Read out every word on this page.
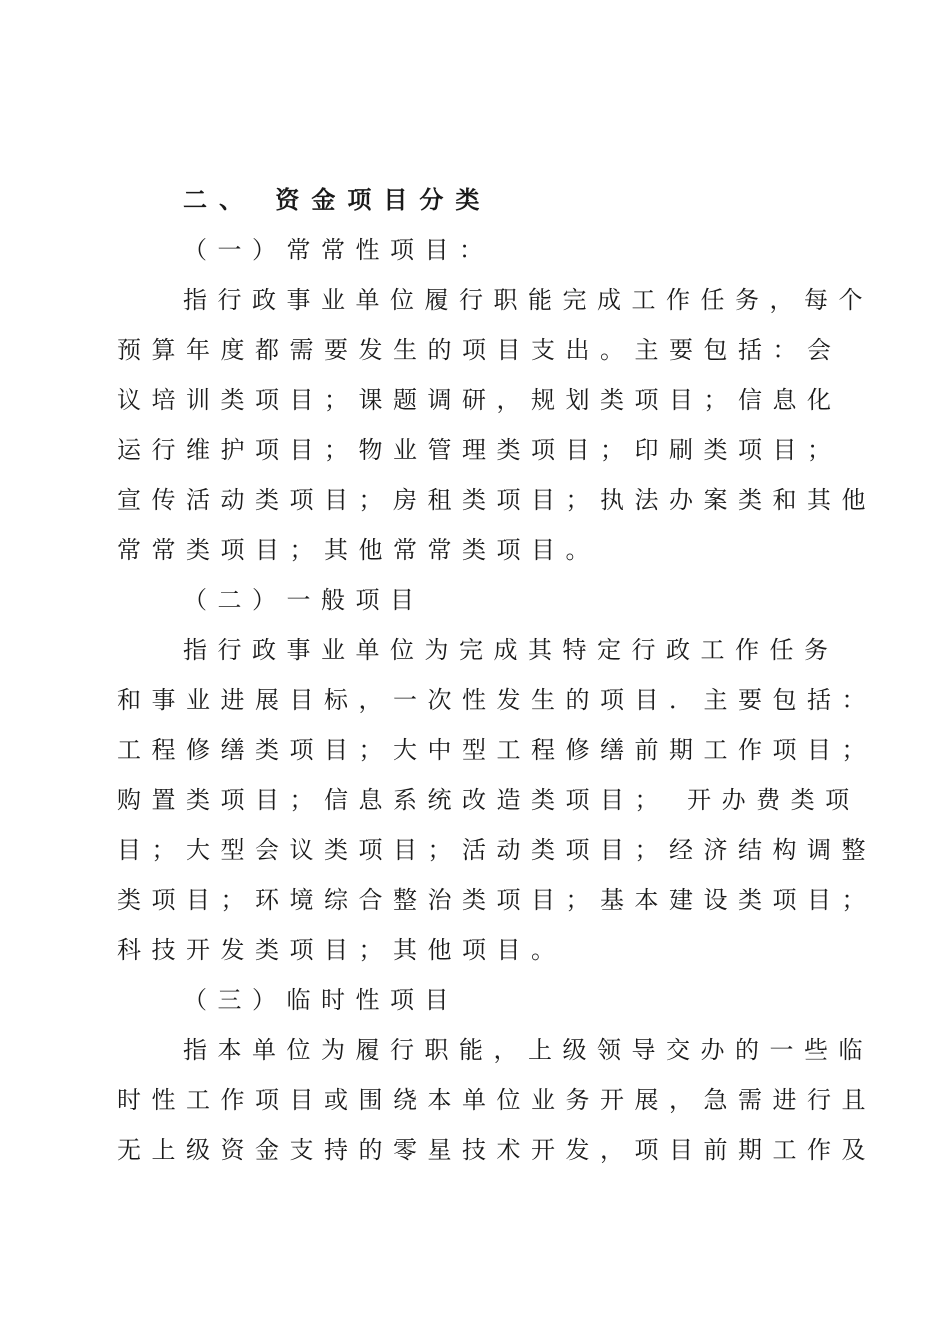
二、 资金项目分类
（一）常常性项目：
指行政事业单位履行职能完成工作任务，每个
预算年度都需要发生的项目支出。主要包括：会
议培训类项目；课题调研，规划类项目；信息化
运行维护项目；物业管理类项目；印刷类项目；
宣传活动类项目；房租类项目；执法办案类和其他
常常类项目；其他常常类项目。
（二）一般项目
指行政事业单位为完成其特定行政工作任务
和事业进展目标，一次性发生的项目．主要包括：
工程修缮类项目；大中型工程修缮前期工作项目；
购置类项目；信息系统改造类项目； 开办费类项
目；大型会议类项目；活动类项目；经济结构调整
类项目；环境综合整治类项目；基本建设类项目；
科技开发类项目；其他项目。
（三）临时性项目
指本单位为履行职能，上级领导交办的一些临
时性工作项目或围绕本单位业务开展，急需进行且
无上级资金支持的零星技术开发，项目前期工作及
